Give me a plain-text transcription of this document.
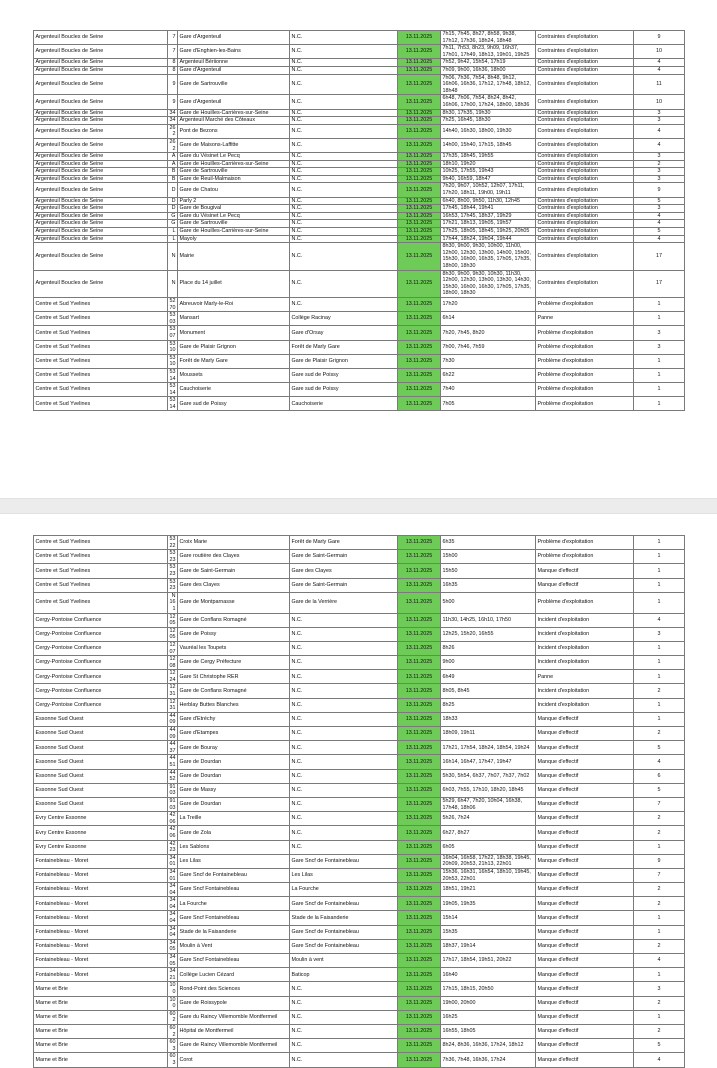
Argenteuil Boucles de Seine	7	Gare d'Argenteuil	N.C.	13.11.2025	7h15, 7h45, 8h27, 8h58, 9h38, 17h12, 17h36, 18h24, 18h48	Contraintes d'exploitation	9
Argenteuil Boucles de Seine	7	Gare d'Enghien-les-Bains	N.C.	13.11.2025	7h11, 7h53, 8h23, 9h09, 16h37, 17h01, 17h49, 18h13, 19h01, 19h25	Contraintes d'exploitation	10
Argenteuil Boucles de Seine	8	Argenteuil Bériionne	N.C.	13.11.2025	7h52, 9h42, 15h54, 17h19	Contraintes d'exploitation	4
Argenteuil Boucles de Seine	8	Gare d'Argenteuil	N.C.	13.11.2025	7h09, 9h00, 16h36, 18h00	Contraintes d'exploitation	4
Argenteuil Boucles de Seine	9	Gare de Sartrouville	N.C.	13.11.2025	7h06, 7h36, 7h54, 8h48, 9h12, 16h06, 16h36, 17h12, 17h48, 18h12, 18h48	Contraintes d'exploitation	11
Argenteuil Boucles de Seine	9	Gare d'Argenteuil	N.C.	13.11.2025	6h48, 7h06, 7h54, 8h24, 8h42, 16h06, 17h00, 17h24, 18h00, 18h36	Contraintes d'exploitation	10
Argenteuil Boucles de Seine	34	Gare de Houilles-Carrières-sur-Seine	N.C.	13.11.2025	8h30, 17h35, 19h30	Contraintes d'exploitation	3
Argenteuil Boucles de Seine	34	Argenteuil Marché des Côteaux	N.C.	13.11.2025	7h25, 16h45, 18h30	Contraintes d'exploitation	3
Argenteuil Boucles de Seine	262	Pont de Bezons	N.C.	13.11.2025	14h40, 16h30, 18h00, 19h30	Contraintes d'exploitation	4
Argenteuil Boucles de Seine	262	Gare de Maisons-Laffitte	N.C.	13.11.2025	14h00, 15h40, 17h15, 18h45	Contraintes d'exploitation	4
Argenteuil Boucles de Seine	A	Gare du Vésinet Le Pecq	N.C.	13.11.2025	17h35, 18h45, 19h55	Contraintes d'exploitation	3
Argenteuil Boucles de Seine	A	Gare de Houilles-Carrières-sur-Seine	N.C.	13.11.2025	18h10, 19h20	Contraintes d'exploitation	2
Argenteuil Boucles de Seine	B	Gare de Sartrouville	N.C.	13.11.2025	10h25, 17h55, 19h43	Contraintes d'exploitation	3
Argenteuil Boucles de Seine	B	Gare de Reuil-Malmaison	N.C.	13.11.2025	9h40, 16h59, 18h47	Contraintes d'exploitation	3
Argenteuil Boucles de Seine	D	Gare de Chatou	N.C.	13.11.2025	7h20, 9h07, 10h52, 12h07, 17h11, 17h20, 18h11, 19h00, 19h11	Contraintes d'exploitation	9
Argenteuil Boucles de Seine	D	Parly 2	N.C.	13.11.2025	6h40, 8h00, 9h50, 11h30, 12h45	Contraintes d'exploitation	5
Argenteuil Boucles de Seine	D	Gare de Bougival	N.C.	13.11.2025	17h45, 18h44, 19h41	Contraintes d'exploitation	3
Argenteuil Boucles de Seine	G	Gare du Vésinet Le Pecq	N.C.	13.11.2025	16h53, 17h45, 18h37, 19h29	Contraintes d'exploitation	4
Argenteuil Boucles de Seine	G	Gare de Sartrouville	N.C.	13.11.2025	17h21, 18h13, 19h05, 19h57	Contraintes d'exploitation	4
Argenteuil Boucles de Seine	L	Gare de Houilles-Carrières-sur-Seine	N.C.	13.11.2025	17h25, 18h05, 18h45, 19h25, 20h05	Contraintes d'exploitation	5
Argenteuil Boucles de Seine	L	Mayoly	N.C.	13.11.2025	17h44, 18h24, 19h04, 19h44	Contraintes d'exploitation	4
Argenteuil Boucles de Seine	N	Mairie	N.C.	13.11.2025	8h30, 9h00, 9h30, 10h00, 11h00, 12h00, 12h30, 13h00, 14h00, 15h00, 15h30, 16h00, 16h35, 17h05, 17h35, 18h00, 18h30	Contraintes d'exploitation	17
Argenteuil Boucles de Seine	N	Place du 14 juillet	N.C.	13.11.2025	8h30, 9h00, 9h30, 10h30, 11h30, 12h00, 12h30, 13h00, 13h30, 14h30, 15h30, 16h00, 16h30, 17h05, 17h35, 18h00, 18h30	Contraintes d'exploitation	17
Centre et Sud Yvelines	5270	Abreuvoir Marly-le-Roi	N.C.	13.11.2025	17h20	Problème d'exploitation	1
Centre et Sud Yvelines	5303	Mansart	Collège Racinay	13.11.2025	6h14	Panne	1
Centre et Sud Yvelines	5307	Monument	Gare d'Orsay	13.11.2025	7h20, 7h45, 8h20	Problème d'exploitation	3
Centre et Sud Yvelines	5310	Gare de Plaisir Grignon	Forêt de Marly Gare	13.11.2025	7h00, 7h46, 7h59	Problème d'exploitation	3
Centre et Sud Yvelines	5310	Forêt de Marly Gare	Gare de Plaisir Grignon	13.11.2025	7h30	Problème d'exploitation	1
Centre et Sud Yvelines	5314	Moussets	Gare sud de Poissy	13.11.2025	6h22	Problème d'exploitation	1
Centre et Sud Yvelines	5314	Cauchoiserie	Gare sud de Poissy	13.11.2025	7h40	Problème d'exploitation	1
Centre et Sud Yvelines	5314	Gare sud de Poissy	Cauchoiserie	13.11.2025	7h05	Problème d'exploitation	1
Centre et Sud Yvelines	5322	Croix Marie	Forêt de Marly Gare	13.11.2025	6h35	Problème d'exploitation	1
Centre et Sud Yvelines	5323	Gare routière des Clayes	Gare de Saint-Germain	13.11.2025	15h00	Problème d'exploitation	1
Centre et Sud Yvelines	5323	Gare de Saint-Germain	Gare des Clayes	13.11.2025	15h50	Manque d'effectif	1
Centre et Sud Yvelines	5323	Gare des Clayes	Gare de Saint-Germain	13.11.2025	16h35	Manque d'effectif	1
Centre et Sud Yvelines	N161	Gare de Montparnasse	Gare de la Verrière	13.11.2025	5h00	Problème d'exploitation	1
Cergy-Pontoise Confluence	1205	Gare de Conflans Romagné	N.C.	13.11.2025	11h30, 14h25, 16h10, 17h50	Incident d'exploitation	4
Cergy-Pontoise Confluence	1205	Gare de Poissy	N.C.	13.11.2025	12h25, 15h20, 16h55	Incident d'exploitation	3
Cergy-Pontoise Confluence	1207	Vauréal les Toupets	N.C.	13.11.2025	8h26	Incident d'exploitation	1
Cergy-Pontoise Confluence	1208	Gare de Cergy Préfecture	N.C.	13.11.2025	9h00	Incident d'exploitation	1
Cergy-Pontoise Confluence	1224	Gare St Christophe RER	N.C.	13.11.2025	6h49	Panne	1
Cergy-Pontoise Confluence	1231	Gare de Conflans Romagné	N.C.	13.11.2025	8h05, 8h45	Incident d'exploitation	2
Cergy-Pontoise Confluence	1231	Herblay Buttes Blanches	N.C.	13.11.2025	8h25	Incident d'exploitation	1
Essonne Sud Ouest	4409	Gare d'Etréchy	N.C.	13.11.2025	18h33	Manque d'effectif	1
Essonne Sud Ouest	4409	Gare d'Etampes	N.C.	13.11.2025	18h09, 19h11	Manque d'effectif	2
Essonne Sud Ouest	4437	Gare de Bouray	N.C.	13.11.2025	17h21, 17h54, 18h24, 18h54, 19h24	Manque d'effectif	5
Essonne Sud Ouest	4451	Gare de Dourdan	N.C.	13.11.2025	16h14, 16h47, 17h47, 19h47	Manque d'effectif	4
Essonne Sud Ouest	4452	Gare de Dourdan	N.C.	13.11.2025	5h30, 5h54, 6h37, 7h07, 7h37, 7h02	Manque d'effectif	6
Essonne Sud Ouest	9103	Gare de Massy	N.C.	13.11.2025	6h03, 7h55, 17h10, 18h20, 18h45	Manque d'effectif	5
Essonne Sud Ouest	9103	Gare de Dourdan	N.C.	13.11.2025	5h29, 6h47, 7h20, 10h04, 16h38, 17h48, 18h06	Manque d'effectif	7
Evry Centre Essonne	4206	La Treille	N.C.	13.11.2025	5h26, 7h24	Manque d'effectif	2
Evry Centre Essonne	4206	Gare de Zola	N.C.	13.11.2025	6h27, 8h27	Manque d'effectif	2
Evry Centre Essonne	4223	Les Sablons	N.C.	13.11.2025	6h05	Manque d'effectif	1
Fontainebleau - Moret	3401	Les Lilas	Gare Sncf de Fontainebleau	13.11.2025	16h04, 16h58, 17h22, 18h38, 19h45, 20h09, 20h53, 21h13, 22h01	Manque d'effectif	9
Fontainebleau - Moret	3401	Gare Sncf de Fontainebleau	Les Lilas	13.11.2025	15h36, 16h31, 16h54, 18h10, 19h45, 20h53, 22h01	Manque d'effectif	7
Fontainebleau - Moret	3404	Gare Sncf Fontainebleau	La Fourche	13.11.2025	18h51, 19h21	Manque d'effectif	2
Fontainebleau - Moret	3404	La Fourche	Gare Sncf de Fontainebleau	13.11.2025	19h05, 19h35	Manque d'effectif	2
Fontainebleau - Moret	3404	Gare Sncf Fontainebleau	Stade de la Faisanderie	13.11.2025	15h14	Manque d'effectif	1
Fontainebleau - Moret	3404	Stade de la Faisanderie	Gare Sncf de Fontainebleau	13.11.2025	15h35	Manque d'effectif	1
Fontainebleau - Moret	3405	Moulin à Vent	Gare Sncf de Fontainebleau	13.11.2025	18h37, 19h14	Manque d'effectif	2
Fontainebleau - Moret	3405	Gare Sncf Fontainebleau	Moulin à vent	13.11.2025	17h17, 18h54, 19h51, 20h22	Manque d'effectif	4
Fontainebleau - Moret	3421	Collège Lucien Cézard	Baticop	13.11.2025	16h40	Manque d'effectif	1
Marne et Brie	100	Rond-Point des Sciences	N.C.	13.11.2025	17h15, 18h15, 20h50	Manque d'effectif	3
Marne et Brie	100	Gare de Roissypole	N.C.	13.11.2025	19h00, 20h00	Manque d'effectif	2
Marne et Brie	602	Gare du Raincy Villemomble Montfermeil	N.C.	13.11.2025	16h25	Manque d'effectif	1
Marne et Brie	602	Hôpital de Montfermeil	N.C.	13.11.2025	16h55, 18h05	Manque d'effectif	2
Marne et Brie	603	Gare de Raincy Villemomble Montfermeil	N.C.	13.11.2025	8h24, 8h36, 16h36, 17h24, 18h12	Manque d'effectif	5
Marne et Brie	603	Corot	N.C.	13.11.2025	7h36, 7h48, 16h36, 17h24	Manque d'effectif	4
